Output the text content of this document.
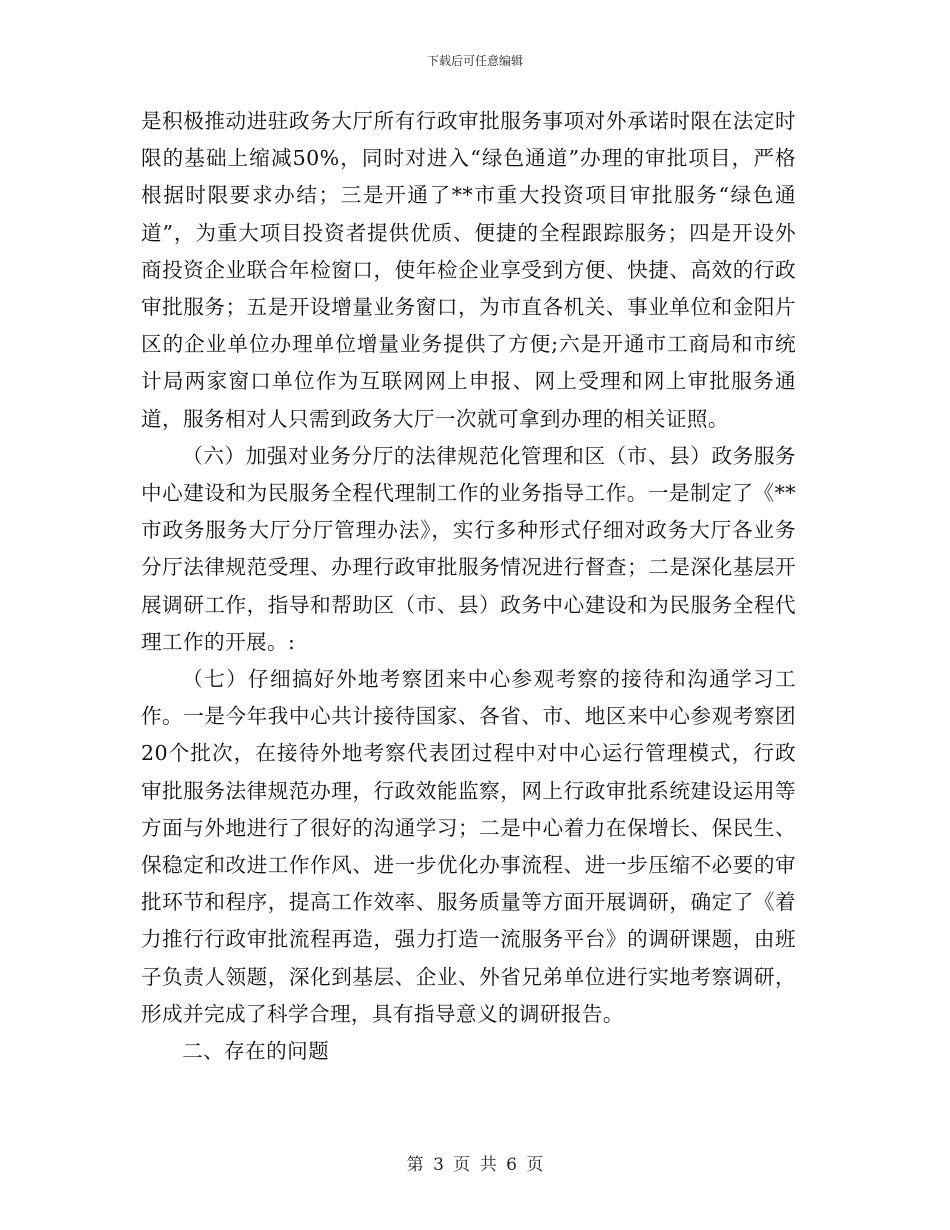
下载后可任意编辑

是积极推动进驻政务大厅所有行政审批服务事项对外承诺时限在法定时限的基础上缩减50%，同时对进入“绿色通道”办理的审批项目，严格根据时限要求办结；三是开通了**市重大投资项目审批服务“绿色通道”，为重大项目投资者提供优质、便捷的全程跟踪服务；四是开设外商投资企业联合年检窗口，使年检企业享受到方便、快捷、高效的行政审批服务；五是开设增量业务窗口，为市直各机关、事业单位和金阳片区的企业单位办理单位增量业务提供了方便;六是开通市工商局和市统计局两家窗口单位作为互联网网上申报、网上受理和网上审批服务通道，服务相对人只需到政务大厅一次就可拿到办理的相关证照。

（六）加强对业务分厅的法律规范化管理和区（市、县）政务服务中心建设和为民服务全程代理制工作的业务指导工作。一是制定了《**市政务服务大厅分厅管理办法》，实行多种形式仔细对政务大厅各业务分厅法律规范受理、办理行政审批服务情况进行督查；二是深化基层开展调研工作，指导和帮助区（市、县）政务中心建设和为民服务全程代理工作的开展。:

（七）仔细搞好外地考察团来中心参观考察的接待和沟通学习工作。一是今年我中心共计接待国家、各省、市、地区来中心参观考察团20个批次，在接待外地考察代表团过程中对中心运行管理模式，行政审批服务法律规范办理，行政效能监察，网上行政审批系统建设运用等方面与外地进行了很好的沟通学习；二是中心着力在保增长、保民生、保稳定和改进工作作风、进一步优化办事流程、进一步压缩不必要的审批环节和程序，提高工作效率、服务质量等方面开展调研，确定了《着力推行行政审批流程再造，强力打造一流服务平台》的调研课题，由班子负责人领题，深化到基层、企业、外省兄弟单位进行实地考察调研，形成并完成了科学合理，具有指导意义的调研报告。

二、存在的问题

第 3 页 共 6 页
